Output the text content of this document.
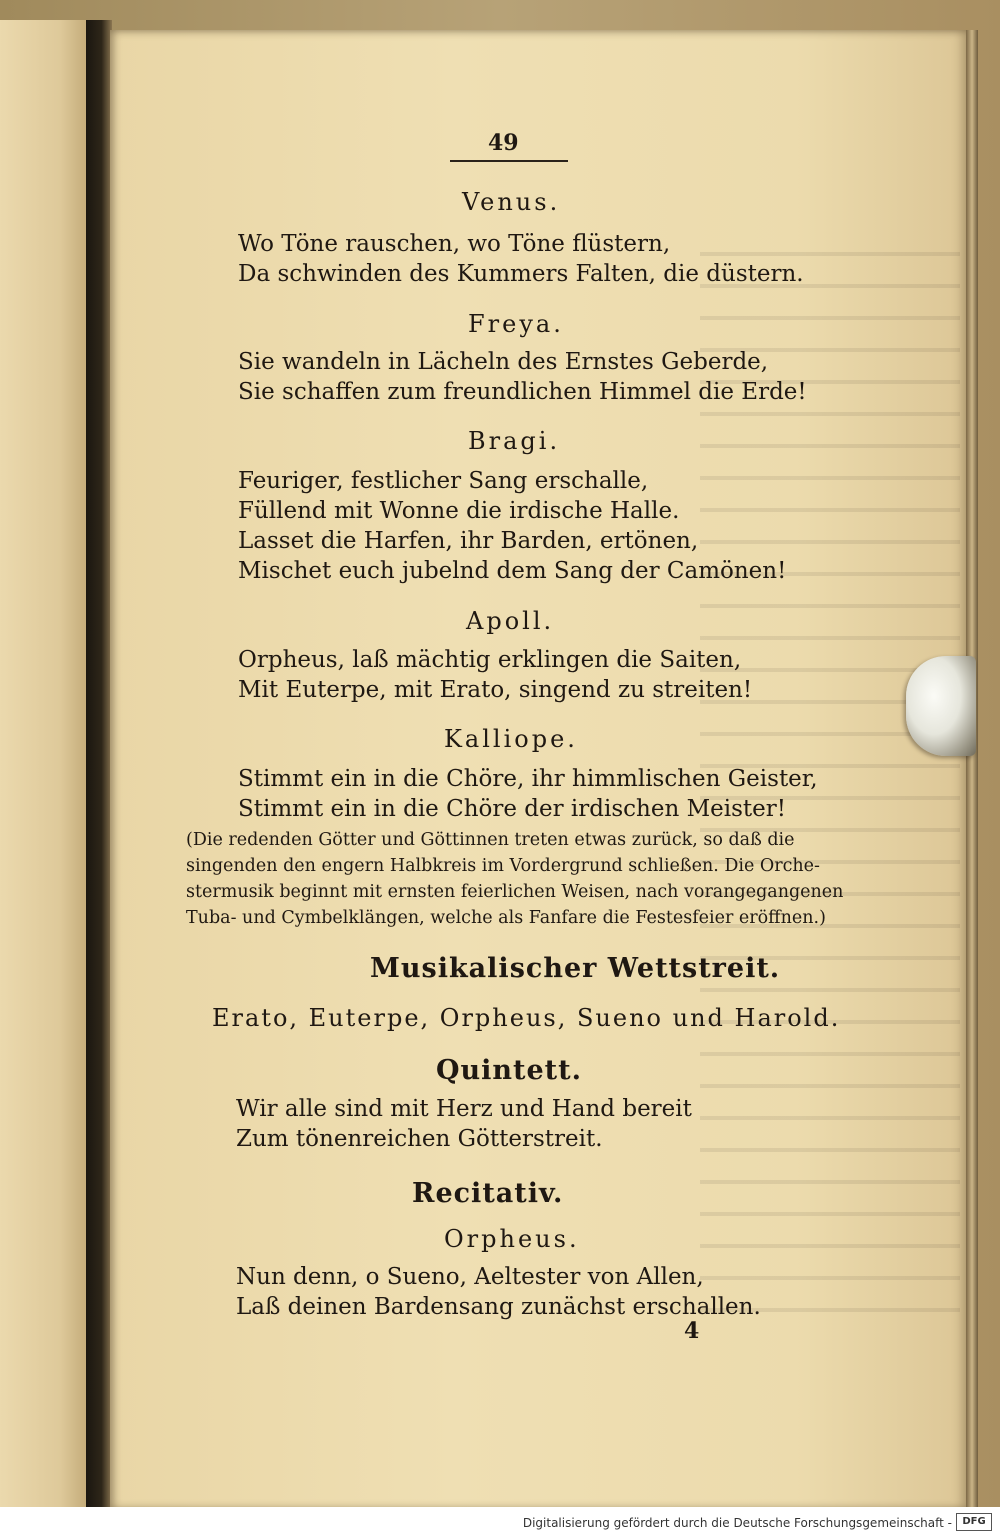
49

Venus.

Wo Töne rauschen, wo Töne flüstern,

Da schwinden des Kummers Falten, die düstern.

Freya.

Sie wandeln in Lächeln des Ernstes Geberde,

Sie schaffen zum freundlichen Himmel die Erde!

Bragi.

Feuriger, festlicher Sang erschalle,

Füllend mit Wonne die irdische Halle.

Lasset die Harfen, ihr Barden, ertönen,

Mischet euch jubelnd dem Sang der Camönen!

Apoll.

Orpheus, laß mächtig erklingen die Saiten,

Mit Euterpe, mit Erato, singend zu streiten!

Kalliope.

Stimmt ein in die Chöre, ihr himmlischen Geister,

Stimmt ein in die Chöre der irdischen Meister!

(Die redenden Götter und Göttinnen treten etwas zurück, so daß die

singenden den engern Halbkreis im Vordergrund schließen. Die Orche-

stermusik beginnt mit ernsten feierlichen Weisen, nach vorangegangenen

Tuba- und Cymbelklängen, welche als Fanfare die Festesfeier eröffnen.)

Musikalischer Wettstreit.

Erato, Euterpe, Orpheus, Sueno und Harold.

Quintett.

Wir alle sind mit Herz und Hand bereit

Zum tönenreichen Götterstreit.

Recitativ.

Orpheus.

Nun denn, o Sueno, Aeltester von Allen,

Laß deinen Bardensang zunächst erschallen.

4

Digitalisierung gefördert durch die Deutsche Forschungsgemeinschaft -	DFG
